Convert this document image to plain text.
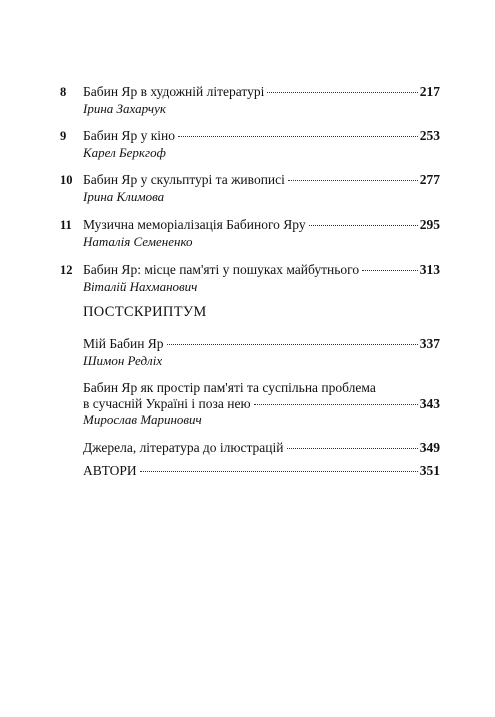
8 Бабин Яр в художній літературі	217
Ірина Захарчук
9 Бабин Яр у кіно	253
Карел Беркгоф
10 Бабин Яр у скульптурі та живописі	277
Ірина Климова
11 Музична меморіалізація Бабиного Яру	295
Наталія Семененко
12 Бабин Яр: місце пам'яті у пошуках майбутнього	313
Віталій Нахманович
ПОСТСКРИПТУМ
Мій Бабин Яр	337
Шимон Редліх
Бабин Яр як простір пам'яті та суспільна проблема
в сучасній Україні і поза нею	343
Мирослав Маринович
Джерела, література до ілюстрацій	349
АВТОРИ	351
